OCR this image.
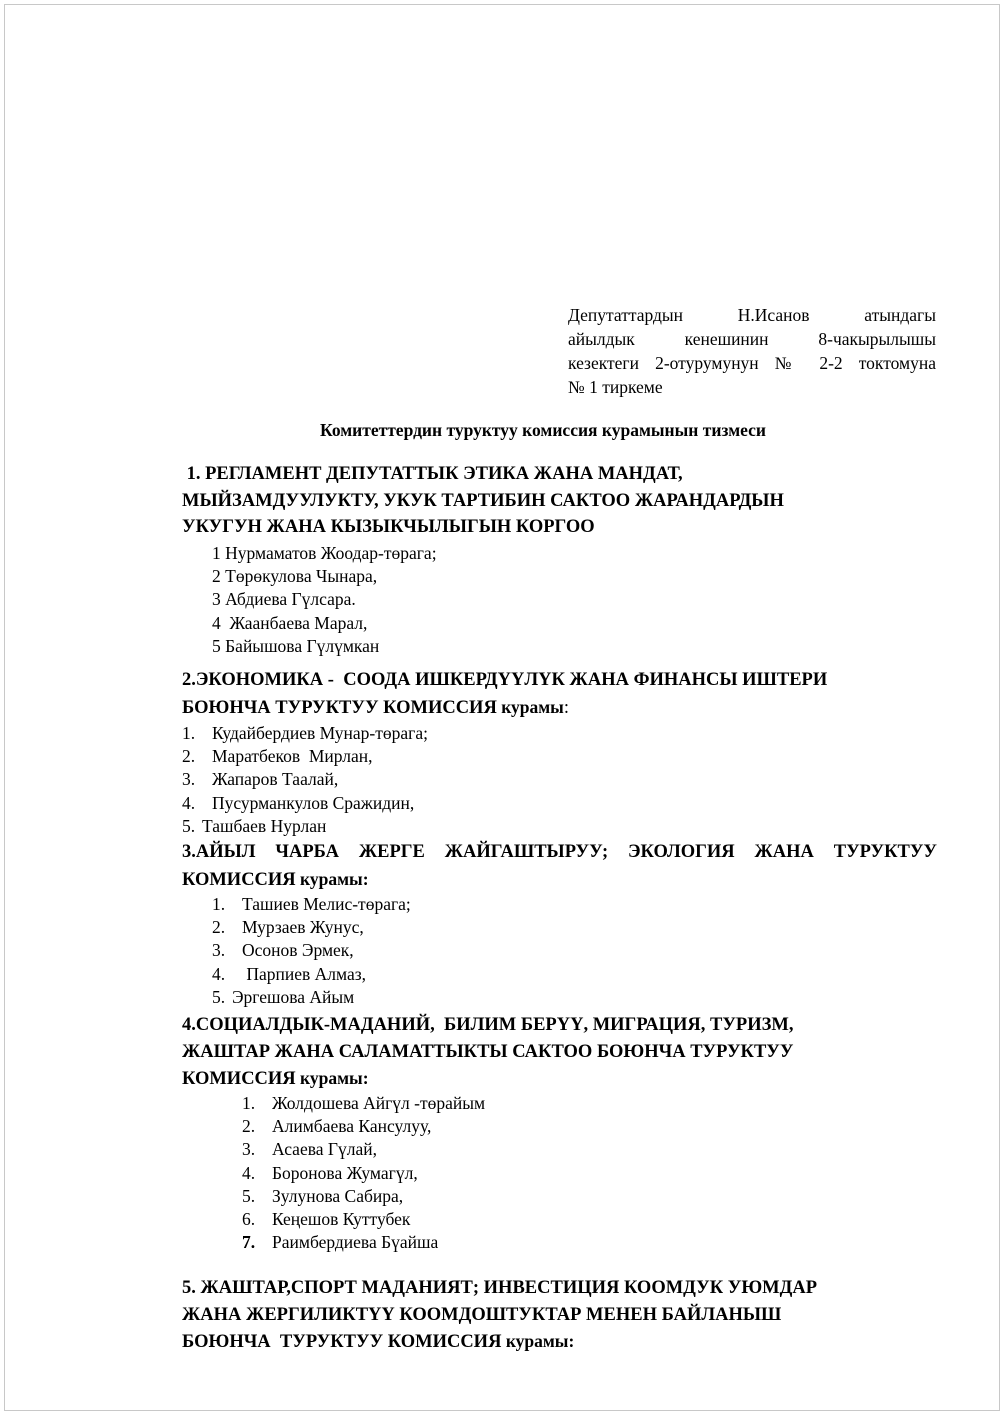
Депутаттардын Н.Исанов атындагы
айылдык кенешинин 8-чакырылышы
кезектеги 2-отурумунун № 2-2 токтомуна
№ 1 тиркеме
Комитеттердин туруктуу комиссия курамынын тизмеси
1. РЕГЛАМЕНТ ДЕПУТАТТЫК ЭТИКА ЖАНА МАНДАТ,
МЫЙЗАМДУУЛУКТУ, УКУК ТАРТИБИН САКТОО ЖАРАНДАРДЫН
УКУГУН ЖАНА КЫЗЫКЧЫЛЫГЫН КОРГОО
1 Нурмаматов Жоодар-төрага;
2 Төрөкулова Чынара,
3 Абдиева Гүлсара.
4  Жаанбаева Марал,
5 Байышова Гүлүмкан
2.ЭКОНОМИКА -  СООДА ИШКЕРДҮҮЛҮК ЖАНА ФИНАНСЫ ИШТЕРИ
БОЮНЧА ТУРУКТУУ КОМИССИЯ курамы:
1. Кудайбердиев Мунар-төрага;
2. Маратбеков  Мирлан,
3. Жапаров Таалай,
4. Пусурманкулов Сражидин,
5. Ташбаев Нурлан
3.АЙЫЛ ЧАРБА ЖЕРГЕ ЖАЙГАШТЫРУУ; ЭКОЛОГИЯ ЖАНА ТУРУКТУУ
КОМИССИЯ курамы:
1. Ташиев Мелис-төрага;
2. Мурзаев Жунус,
3. Осонов Эрмек,
4. Парпиев Алмаз,
5. Эргешова Айым
4.СОЦИАЛДЫК-МАДАНИЙ,  БИЛИМ БЕРҮҮ, МИГРАЦИЯ, ТУРИЗМ,
ЖАШТАР ЖАНА САЛАМАТТЫКТЫ САКТОО БОЮНЧА ТУРУКТУУ
КОМИССИЯ курамы:
1. Жолдошева Айгүл -төрайым
2. Алимбаева Кансулуу,
3. Асаева Гүлай,
4. Боронова Жумагүл,
5. Зулунова Сабира,
6. Кеңешов Куттубек
7. Раимбердиева Бүайша
5. ЖАШТАР,СПОРТ МАДАНИЯТ; ИНВЕСТИЦИЯ КООМДУК УЮМДАР
ЖАНА ЖЕРГИЛИКТҮҮ КООМДОШТУКТАР МЕНЕН БАЙЛАНЫШ
БОЮНЧА  ТУРУКТУУ КОМИССИЯ курамы:
